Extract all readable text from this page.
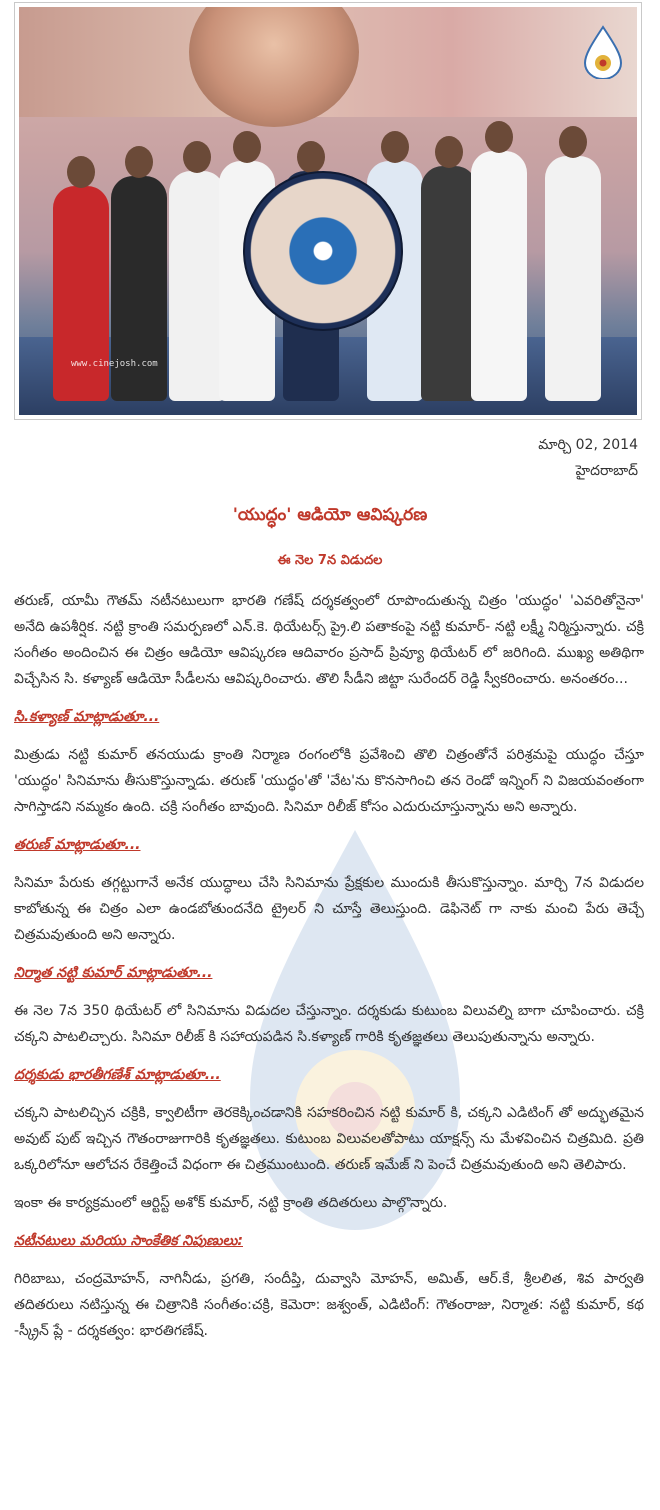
www.cinejosh.com
మార్చి 02, 2014
హైదరాబాద్
'యుద్ధం' ఆడియో ఆవిష్కరణ
ఈ నెల 7న విడుదల

తరుణ్, యామీ గౌతమ్ నటీనటులుగా భారతి గణేష్ దర్శకత్వంలో రూపొందుతున్న చిత్రం 'యుద్ధం' 'ఎవరితోనైనా' అనేది ఉపశీర్షిక. నట్టి క్రాంతి సమర్పణలో ఎన్.కె. థియేటర్స్ ప్రై.లి పతాకంపై నట్టి కుమార్- నట్టి లక్ష్మీ నిర్మిస్తున్నారు. చక్రి సంగీతం అందించిన ఈ చిత్రం ఆడియో ఆవిష్కరణ ఆదివారం ప్రసాద్ ప్రివ్యూ థియేటర్ లో జరిగింది. ముఖ్య అతిథిగా విచ్చేసిన సి. కళ్యాణ్ ఆడియో సీడీలను ఆవిష్కరించారు. తొలి సీడీని జిట్టా సురేందర్ రెడ్డి స్వీకరించారు. అనంతరం...

సి.కళ్యాణ్ మాట్లాడుతూ...

మిత్రుడు నట్టి కుమార్ తనయుడు క్రాంతి నిర్మాణ రంగంలోకి ప్రవేశించి తొలి చిత్రంతోనే పరిశ్రమపై యుద్ధం చేస్తూ 'యుద్ధం' సినిమాను తీసుకొస్తున్నాడు. తరుణ్ 'యుద్ధం'తో 'వేట'ను కొనసాగించి తన రెండో ఇన్నింగ్ ని విజయవంతంగా సాగిస్తాడని నమ్మకం ఉంది. చక్రి సంగీతం బావుంది. సినిమా రిలీజ్ కోసం ఎదురుచూస్తున్నాను అని అన్నారు.

తరుణ్ మాట్లాడుతూ...

సినిమా పేరుకు తగ్గట్టుగానే అనేక యుద్ధాలు చేసి సినిమాను ప్రేక్షకుల ముందుకి తీసుకొస్తున్నాం. మార్చి 7న విడుదల కాబోతున్న ఈ చిత్రం ఎలా ఉండబోతుందనేది ట్రైలర్ ని చూస్తే తెలుస్తుంది. డెఫినెట్ గా నాకు మంచి పేరు తెచ్చే చిత్రమవుతుంది అని అన్నారు.

నిర్మాత నట్టి కుమార్ మాట్లాడుతూ...

ఈ నెల 7న 350 థియేటర్ లో సినిమాను విడుదల చేస్తున్నాం. దర్శకుడు కుటుంబ విలువల్ని బాగా చూపించారు. చక్రి చక్కని పాటలిచ్చారు. సినిమా రిలీజ్ కి సహాయపడిన సి.కళ్యాణ్ గారికి కృతజ్ఞతలు తెలుపుతున్నాను అన్నారు.

దర్శకుడు భారతీగణేశ్ మాట్లాడుతూ...

చక్కని పాటలిచ్చిన చక్రికి, క్వాలిటీగా తెరకెక్కించడానికి సహకరించిన నట్టి కుమార్ కి, చక్కని ఎడిటింగ్ తో అద్భుతమైన అవుట్ పుట్ ఇచ్చిన గౌతంరాజుగారికి కృతజ్ఞతలు. కుటుంబ విలువలతోపాటు యాక్షన్స్ ను మేళవించిన చిత్రమిది. ప్రతి ఒక్కరిలోనూ ఆలోచన రేకెత్తించే విధంగా ఈ చిత్రముంటుంది. తరుణ్ ఇమేజ్ ని పెంచే చిత్రమవుతుంది అని తెలిపారు.

ఇంకా ఈ కార్యక్రమంలో ఆర్టిస్ట్ అశోక్ కుమార్, నట్టి క్రాంతి తదితరులు పాల్గొన్నారు.

నటీనటులు మరియు సాంకేతిక నిపుణులు:

గిరిబాబు, చంద్రమోహన్, నాగినీడు, ప్రగతి, సందీప్తి, దువ్వాసి మోహన్, అమిత్, ఆర్.కే, శ్రీలలిత, శివ పార్వతి తదితరులు నటిస్తున్న ఈ చిత్రానికి సంగీతం:చక్రి, కెమెరా: జశ్వంత్, ఎడిటింగ్: గౌతంరాజు, నిర్మాత: నట్టి కుమార్, కథ -స్క్రీన్ ప్లే - దర్శకత్వం: భారతిగణేష్.
